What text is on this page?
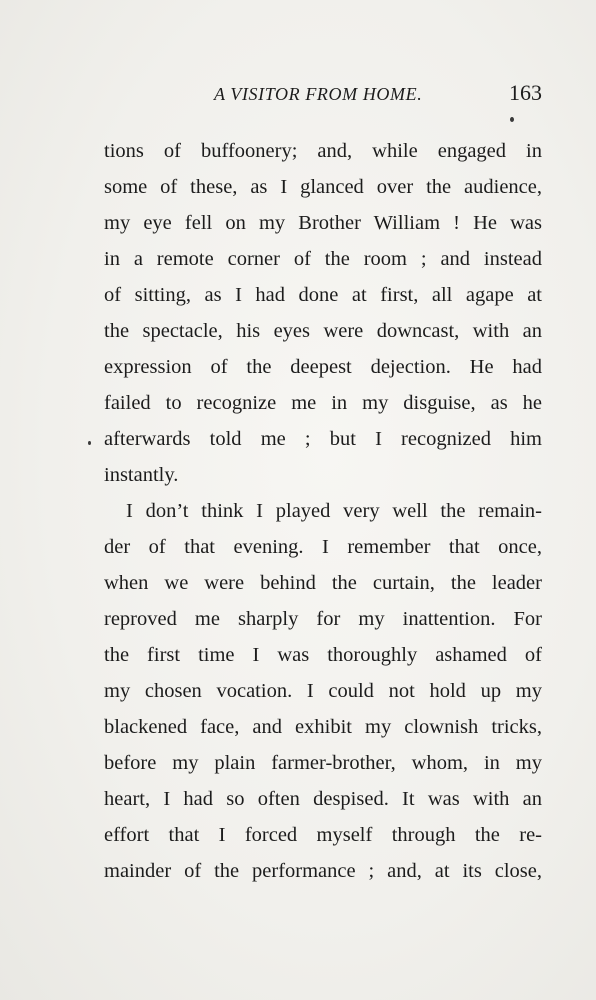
A VISITOR FROM HOME.	163
tions of buffoonery; and, while engaged in
some of these, as I glanced over the audience,
my eye fell on my Brother William ! He was
in a remote corner of the room ; and instead
of sitting, as I had done at first, all agape at
the spectacle, his eyes were downcast, with an
expression of the deepest dejection. He had
failed to recognize me in my disguise, as he
afterwards told me ; but I recognized him
instantly.
I don’t think I played very well the remain-
der of that evening. I remember that once,
when we were behind the curtain, the leader
reproved me sharply for my inattention. For
the first time I was thoroughly ashamed of
my chosen vocation. I could not hold up my
blackened face, and exhibit my clownish tricks,
before my plain farmer-brother, whom, in my
heart, I had so often despised. It was with an
effort that I forced myself through the re-
mainder of the performance ; and, at its close,
